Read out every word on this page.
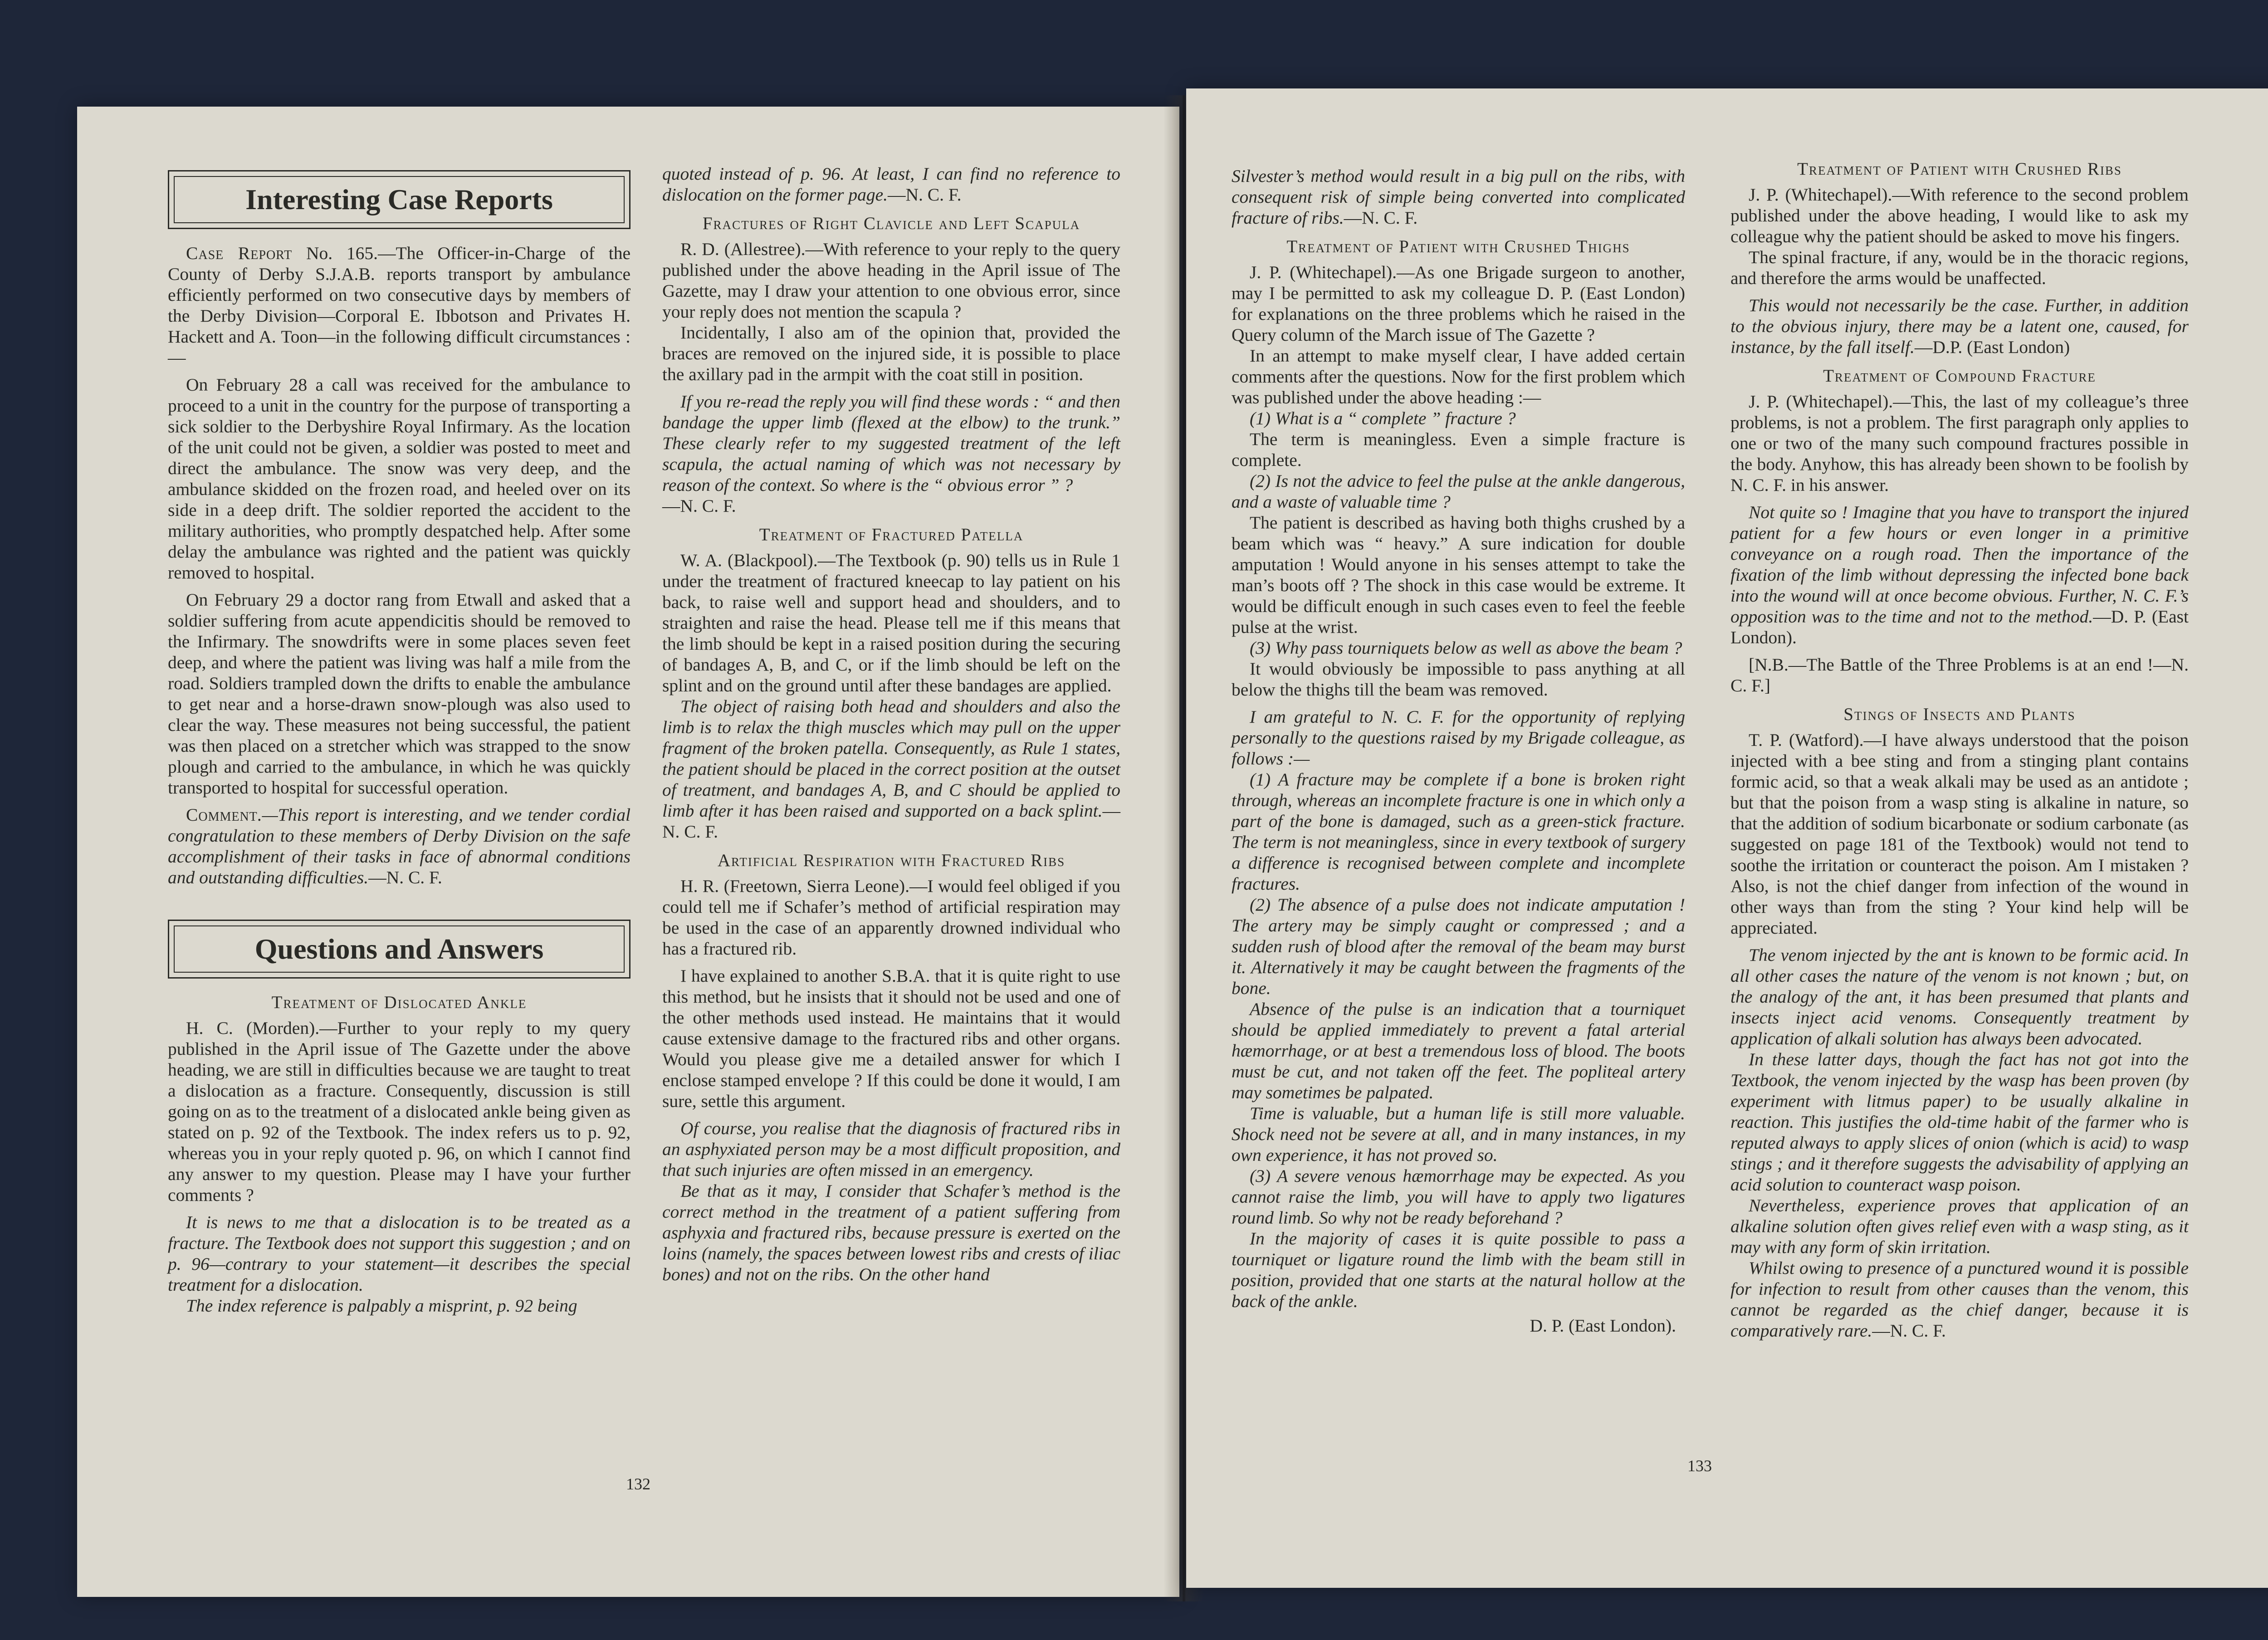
Interesting Case Reports

Case Report No. 165.—The Officer-in-Charge of the County of Derby S.J.A.B. reports transport by ambulance efficiently performed on two consecutive days by members of the Derby Division—Corporal E. Ibbotson and Privates H. Hackett and A. Toon—in the following difficult circumstances :—

On February 28 a call was received for the ambulance to proceed to a unit in the country for the purpose of transporting a sick soldier to the Derbyshire Royal Infirmary. As the location of the unit could not be given, a soldier was posted to meet and direct the ambulance. The snow was very deep, and the ambulance skidded on the frozen road, and heeled over on its side in a deep drift. The soldier reported the accident to the military authorities, who promptly despatched help. After some delay the ambulance was righted and the patient was quickly removed to hospital.

On February 29 a doctor rang from Etwall and asked that a soldier suffering from acute appendicitis should be removed to the Infirmary. The snowdrifts were in some places seven feet deep, and where the patient was living was half a mile from the road. Soldiers trampled down the drifts to enable the ambulance to get near and a horse-drawn snow-plough was also used to clear the way. These measures not being successful, the patient was then placed on a stretcher which was strapped to the snow plough and carried to the ambulance, in which he was quickly transported to hospital for successful operation.

Comment.—This report is interesting, and we tender cordial congratulation to these members of Derby Division on the safe accomplishment of their tasks in face of abnormal conditions and outstanding difficulties.—N. C. F.

Questions and Answers
Treatment of Dislocated Ankle

H. C. (Morden).—Further to your reply to my query published in the April issue of The Gazette under the above heading, we are still in difficulties because we are taught to treat a dislocation as a fracture. Consequently, discussion is still going on as to the treatment of a dislocated ankle being given as stated on p. 92 of the Textbook. The index refers us to p. 92, whereas you in your reply quoted p. 96, on which I cannot find any answer to my question. Please may I have your further comments ?

It is news to me that a dislocation is to be treated as a fracture. The Textbook does not support this suggestion ; and on p. 96—contrary to your statement—it describes the special treatment for a dislocation.

The index reference is palpably a misprint, p. 92 being

quoted instead of p. 96. At least, I can find no reference to dislocation on the former page.—N. C. F.

Fractures of Right Clavicle and Left Scapula

R. D. (Allestree).—With reference to your reply to the query published under the above heading in the April issue of The Gazette, may I draw your attention to one obvious error, since your reply does not mention the scapula ?

Incidentally, I also am of the opinion that, provided the braces are removed on the injured side, it is possible to place the axillary pad in the armpit with the coat still in position.

If you re-read the reply you will find these words : “ and then bandage the upper limb (flexed at the elbow) to the trunk.” These clearly refer to my suggested treatment of the left scapula, the actual naming of which was not necessary by reason of the context. So where is the “ obvious error ” ?
—N. C. F.

Treatment of Fractured Patella

W. A. (Blackpool).—The Textbook (p. 90) tells us in Rule 1 under the treatment of fractured kneecap to lay patient on his back, to raise well and support head and shoulders, and to straighten and raise the head. Please tell me if this means that the limb should be kept in a raised position during the securing of bandages A, B, and C, or if the limb should be left on the splint and on the ground until after these bandages are applied.

The object of raising both head and shoulders and also the limb is to relax the thigh muscles which may pull on the upper fragment of the broken patella. Consequently, as Rule 1 states, the patient should be placed in the correct position at the outset of treatment, and bandages A, B, and C should be applied to limb after it has been raised and supported on a back splint.—N. C. F.

Artificial Respiration with Fractured Ribs

H. R. (Freetown, Sierra Leone).—I would feel obliged if you could tell me if Schafer’s method of artificial respiration may be used in the case of an apparently drowned individual who has a fractured rib.

I have explained to another S.B.A. that it is quite right to use this method, but he insists that it should not be used and one of the other methods used instead. He maintains that it would cause extensive damage to the fractured ribs and other organs. Would you please give me a detailed answer for which I enclose stamped envelope ? If this could be done it would, I am sure, settle this argument.

Of course, you realise that the diagnosis of fractured ribs in an asphyxiated person may be a most difficult proposition, and that such injuries are often missed in an emergency.

Be that as it may, I consider that Schafer’s method is the correct method in the treatment of a patient suffering from asphyxia and fractured ribs, because pressure is exerted on the loins (namely, the spaces between lowest ribs and crests of iliac bones) and not on the ribs. On the other hand

132

Silvester’s method would result in a big pull on the ribs, with consequent risk of simple being converted into complicated fracture of ribs.—N. C. F.

Treatment of Patient with Crushed Thighs

J. P. (Whitechapel).—As one Brigade surgeon to another, may I be permitted to ask my colleague D. P. (East London) for explanations on the three problems which he raised in the Query column of the March issue of The Gazette ?

In an attempt to make myself clear, I have added certain comments after the questions. Now for the first problem which was published under the above heading :—

(1) What is a “ complete ” fracture ?

The term is meaningless. Even a simple fracture is complete.

(2) Is not the advice to feel the pulse at the ankle dangerous, and a waste of valuable time ?

The patient is described as having both thighs crushed by a beam which was “ heavy.” A sure indication for double amputation ! Would anyone in his senses attempt to take the man’s boots off ? The shock in this case would be extreme. It would be difficult enough in such cases even to feel the feeble pulse at the wrist.

(3) Why pass tourniquets below as well as above the beam ?

It would obviously be impossible to pass anything at all below the thighs till the beam was removed.

I am grateful to N. C. F. for the opportunity of replying personally to the questions raised by my Brigade colleague, as follows :—

(1) A fracture may be complete if a bone is broken right through, whereas an incomplete fracture is one in which only a part of the bone is damaged, such as a green-stick fracture. The term is not meaningless, since in every textbook of surgery a difference is recognised between complete and incomplete fractures.

(2) The absence of a pulse does not indicate amputation ! The artery may be simply caught or compressed ; and a sudden rush of blood after the removal of the beam may burst it. Alternatively it may be caught between the fragments of the bone.

Absence of the pulse is an indication that a tourniquet should be applied immediately to prevent a fatal arterial hæmorrhage, or at best a tremendous loss of blood. The boots must be cut, and not taken off the feet. The popliteal artery may sometimes be palpated.

Time is valuable, but a human life is still more valuable. Shock need not be severe at all, and in many instances, in my own experience, it has not proved so.

(3) A severe venous hæmorrhage may be expected. As you cannot raise the limb, you will have to apply two ligatures round limb. So why not be ready beforehand ?

In the majority of cases it is quite possible to pass a tourniquet or ligature round the limb with the beam still in position, provided that one starts at the natural hollow at the back of the ankle.

D. P. (East London).
Treatment of Patient with Crushed Ribs

J. P. (Whitechapel).—With reference to the second problem published under the above heading, I would like to ask my colleague why the patient should be asked to move his fingers.

The spinal fracture, if any, would be in the thoracic regions, and therefore the arms would be unaffected.

This would not necessarily be the case. Further, in addition to the obvious injury, there may be a latent one, caused, for instance, by the fall itself.—D.P. (East London)

Treatment of Compound Fracture

J. P. (Whitechapel).—This, the last of my colleague’s three problems, is not a problem. The first paragraph only applies to one or two of the many such compound fractures possible in the body. Anyhow, this has already been shown to be foolish by N. C. F. in his answer.

Not quite so ! Imagine that you have to transport the injured patient for a few hours or even longer in a primitive conveyance on a rough road. Then the importance of the fixation of the limb without depressing the infected bone back into the wound will at once become obvious. Further, N. C. F.’s opposition was to the time and not to the method.—D. P. (East London).

[N.B.—The Battle of the Three Problems is at an end !—N. C. F.]

Stings of Insects and Plants

T. P. (Watford).—I have always understood that the poison injected with a bee sting and from a stinging plant contains formic acid, so that a weak alkali may be used as an antidote ; but that the poison from a wasp sting is alkaline in nature, so that the addition of sodium bicarbonate or sodium carbonate (as suggested on page 181 of the Textbook) would not tend to soothe the irritation or counteract the poison. Am I mistaken ? Also, is not the chief danger from infection of the wound in other ways than from the sting ? Your kind help will be appreciated.

The venom injected by the ant is known to be formic acid. In all other cases the nature of the venom is not known ; but, on the analogy of the ant, it has been presumed that plants and insects inject acid venoms. Consequently treatment by application of alkali solution has always been advocated.

In these latter days, though the fact has not got into the Textbook, the venom injected by the wasp has been proven (by experiment with litmus paper) to be usually alkaline in reaction. This justifies the old-time habit of the farmer who is reputed always to apply slices of onion (which is acid) to wasp stings ; and it therefore suggests the advisability of applying an acid solution to counteract wasp poison.

Nevertheless, experience proves that application of an alkaline solution often gives relief even with a wasp sting, as it may with any form of skin irritation.

Whilst owing to presence of a punctured wound it is possible for infection to result from other causes than the venom, this cannot be regarded as the chief danger, because it is comparatively rare.—N. C. F.

133
